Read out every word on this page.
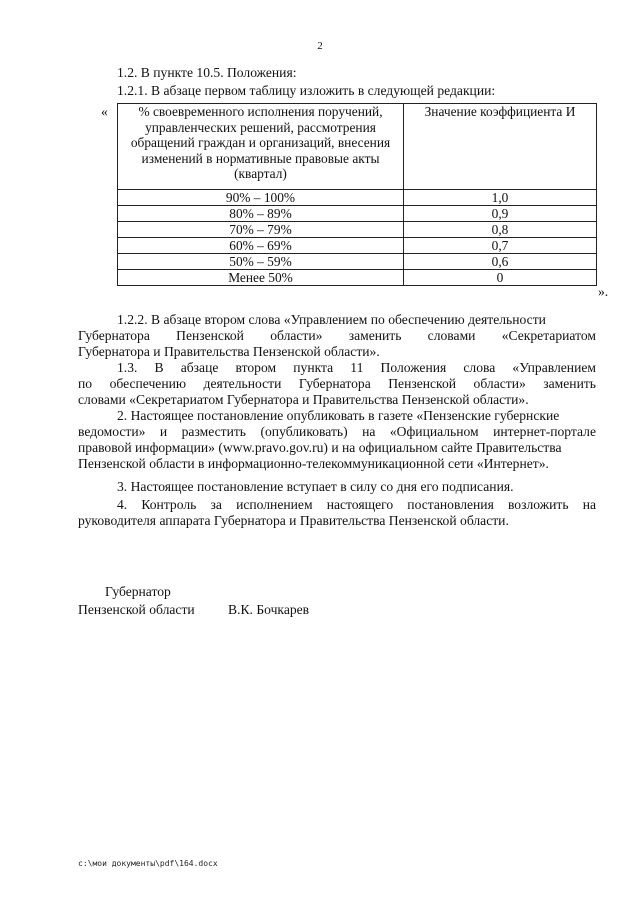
2
1.2. В пункте 10.5. Положения:
1.2.1. В абзаце первом таблицу изложить в следующей редакции:
« % своевременного исполнения поручений, управленческих решений, рассмотрения обращений граждан и организаций, внесения изменений в нормативные правовые акты (квартал)	Значение коэффициента И
90% – 100%	1,0
80% – 89%	0,9
70% – 79%	0,8
60% – 69%	0,7
50% – 59%	0,6
Менее 50%	0
».
1.2.2. В абзаце втором слова «Управлением по обеспечению деятельности
Губернатора Пензенской области» заменить словами «Секретариатом
Губернатора и Правительства Пензенской области».
1.3. В абзаце втором пункта 11 Положения слова «Управлением
по обеспечению деятельности Губернатора Пензенской области» заменить
словами «Секретариатом Губернатора и Правительства Пензенской области».
2. Настоящее постановление опубликовать в газете «Пензенские губернские
ведомости» и разместить (опубликовать) на «Официальном интернет-портале
правовой информации» (www.pravo.gov.ru) и на официальном сайте Правительства
Пензенской области в информационно-телекоммуникационной сети «Интернет».
3. Настоящее постановление вступает в силу со дня его подписания.
4. Контроль за исполнением настоящего постановления возложить на
руководителя аппарата Губернатора и Правительства Пензенской области.
Губернатор
Пензенской области В.К. Бочкарев
c:\мои документы\pdf\164.docx
